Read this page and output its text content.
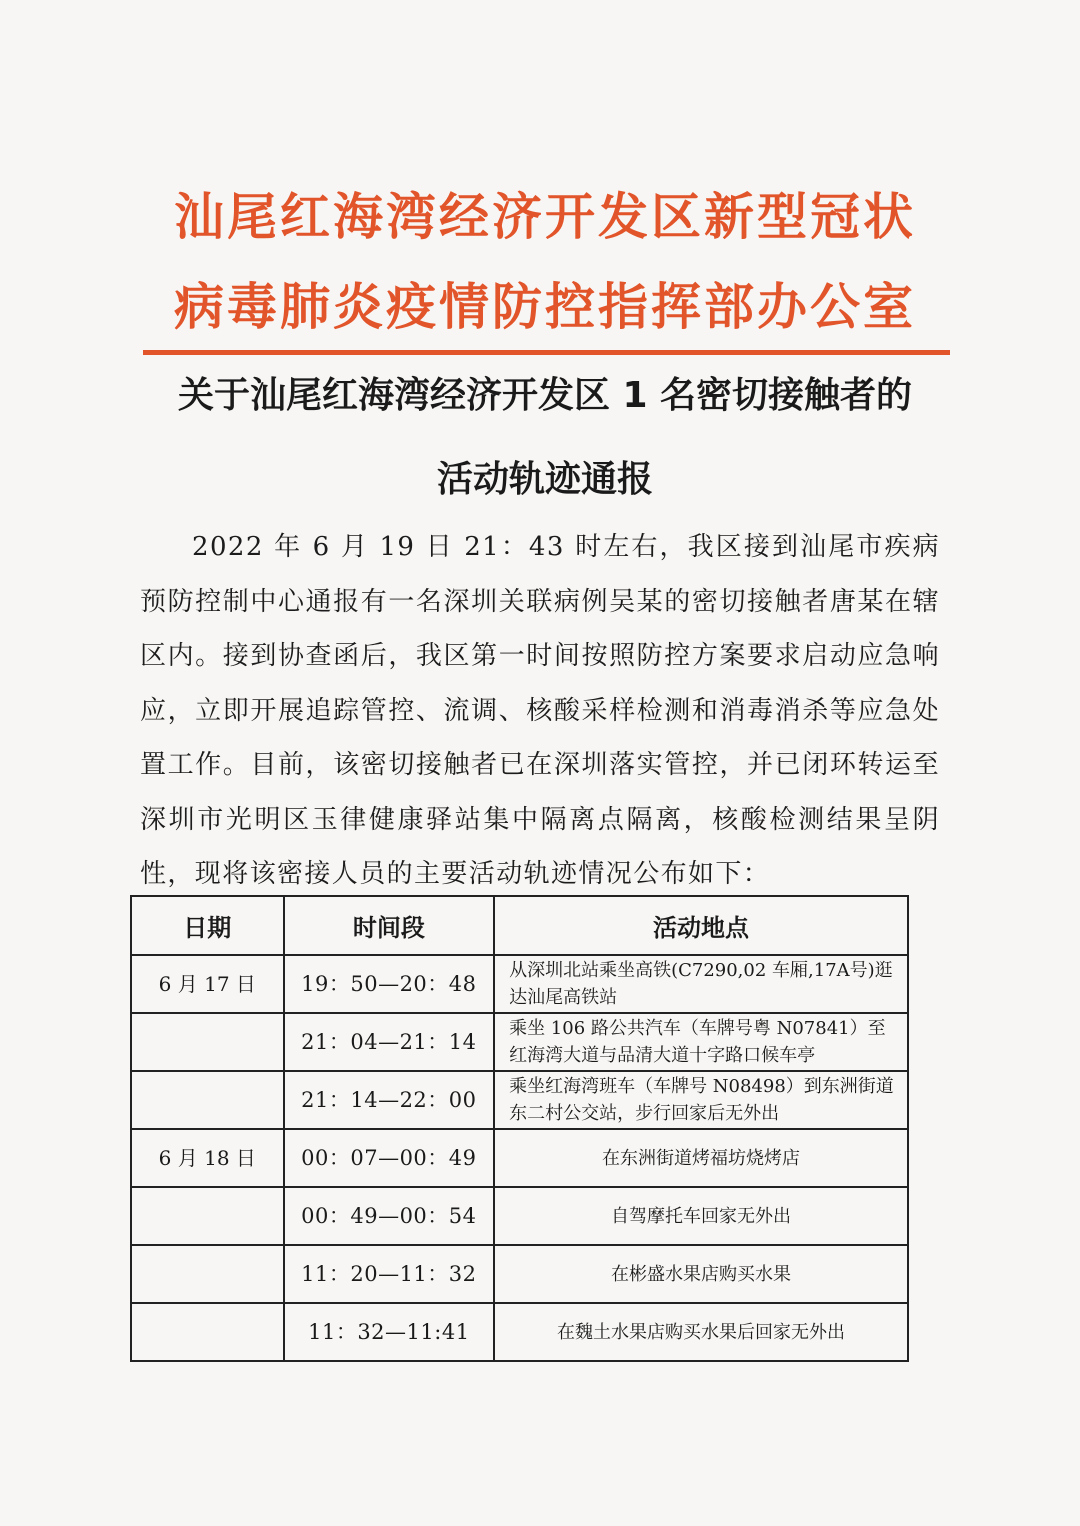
汕尾红海湾经济开发区新型冠状
病毒肺炎疫情防控指挥部办公室
关于汕尾红海湾经济开发区 1 名密切接触者的
活动轨迹通报
2022 年 6 月 19 日 21：43 时左右，我区接到汕尾市疾病预防控制中心通报有一名深圳关联病例吴某的密切接触者唐某在辖区内。接到协查函后，我区第一时间按照防控方案要求启动应急响应，立即开展追踪管控、流调、核酸采样检测和消毒消杀等应急处置工作。目前，该密切接触者已在深圳落实管控，并已闭环转运至深圳市光明区玉律健康驿站集中隔离点隔离，核酸检测结果呈阴性，现将该密接人员的主要活动轨迹情况公布如下：
日期	时间段	活动地点
6 月 17 日	19：50—20：48	从深圳北站乘坐高铁(C7290,02 车厢,17A号)逛达汕尾高铁站
	21：04—21：14	乘坐 106 路公共汽车（车牌号粤 N07841）至红海湾大道与品清大道十字路口候车亭
	21：14—22：00	乘坐红海湾班车（车牌号 N08498）到东洲街道东二村公交站，步行回家后无外出
6 月 18 日	00：07—00：49	在东洲街道烤福坊烧烤店
	00：49—00：54	自驾摩托车回家无外出
	11：20—11：32	在彬盛水果店购买水果
	11：32—11:41	在魏土水果店购买水果后回家无外出
